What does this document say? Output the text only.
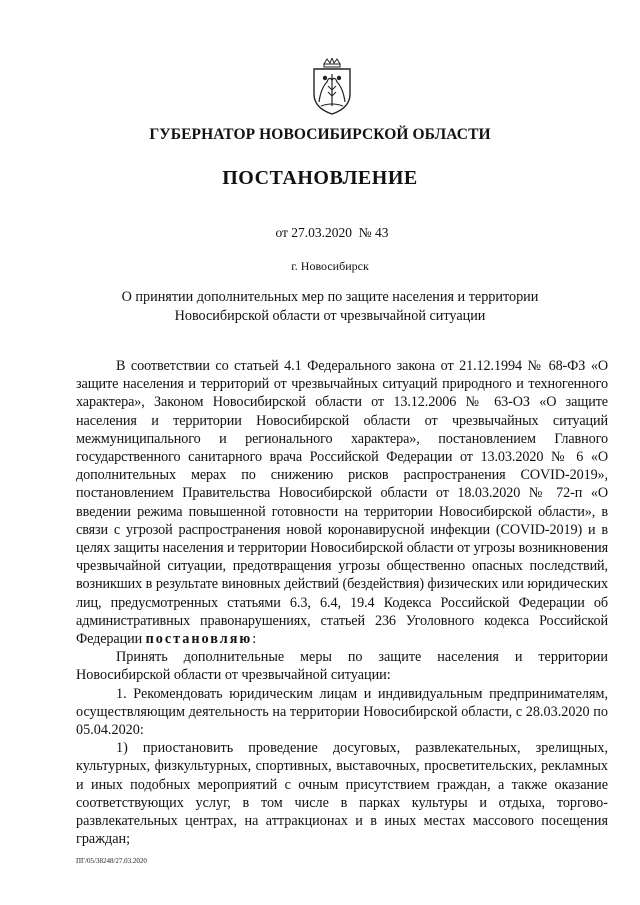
ГУБЕРНАТОР НОВОСИБИРСКОЙ ОБЛАСТИ
ПОСТАНОВЛЕНИЕ
от 27.03.2020  № 43
г. Новосибирск
О принятии дополнительных мер по защите населения и территории
Новосибирской области от чрезвычайной ситуации

В соответствии со статьей 4.1 Федерального закона от 21.12.1994 № 68-ФЗ «О защите населения и территорий от чрезвычайных ситуаций природного и техногенного характера», Законом Новосибирской области от 13.12.2006 № 63-ОЗ «О защите населения и территории Новосибирской области от чрезвычайных ситуаций межмуниципального и регионального характера», постановлением Главного государственного санитарного врача Российской Федерации от 13.03.2020 № 6 «О дополнительных мерах по снижению рисков распространения COVID-2019», постановлением Правительства Новосибирской области от 18.03.2020 № 72-п «О введении режима повышенной готовности на территории Новосибирской области», в связи с угрозой распространения новой коронавирусной инфекции (COVID-2019) и в целях защиты населения и территории Новосибирской области от угрозы возникновения чрезвычайной ситуации, предотвращения угрозы общественно опасных последствий, возникших в результате виновных действий (бездействия) физических или юридических лиц, предусмотренных статьями 6.3, 6.4, 19.4 Кодекса Российской Федерации об административных правонарушениях, статьей 236 Уголовного кодекса Российской Федерации постановляю:

Принять дополнительные меры по защите населения и территории Новосибирской области от чрезвычайной ситуации:

1. Рекомендовать юридическим лицам и индивидуальным предпринимателям, осуществляющим деятельность на территории Новосибирской области, с 28.03.2020 по 05.04.2020:

1) приостановить проведение досуговых, развлекательных, зрелищных, культурных, физкультурных, спортивных, выставочных, просветительских, рекламных и иных подобных мероприятий с очным присутствием граждан, а также оказание соответствующих услуг, в том числе в парках культуры и отдыха, торгово-развлекательных центрах, на аттракционах и в иных местах массового посещения граждан;

ПГ/05/38248/27.03.2020
